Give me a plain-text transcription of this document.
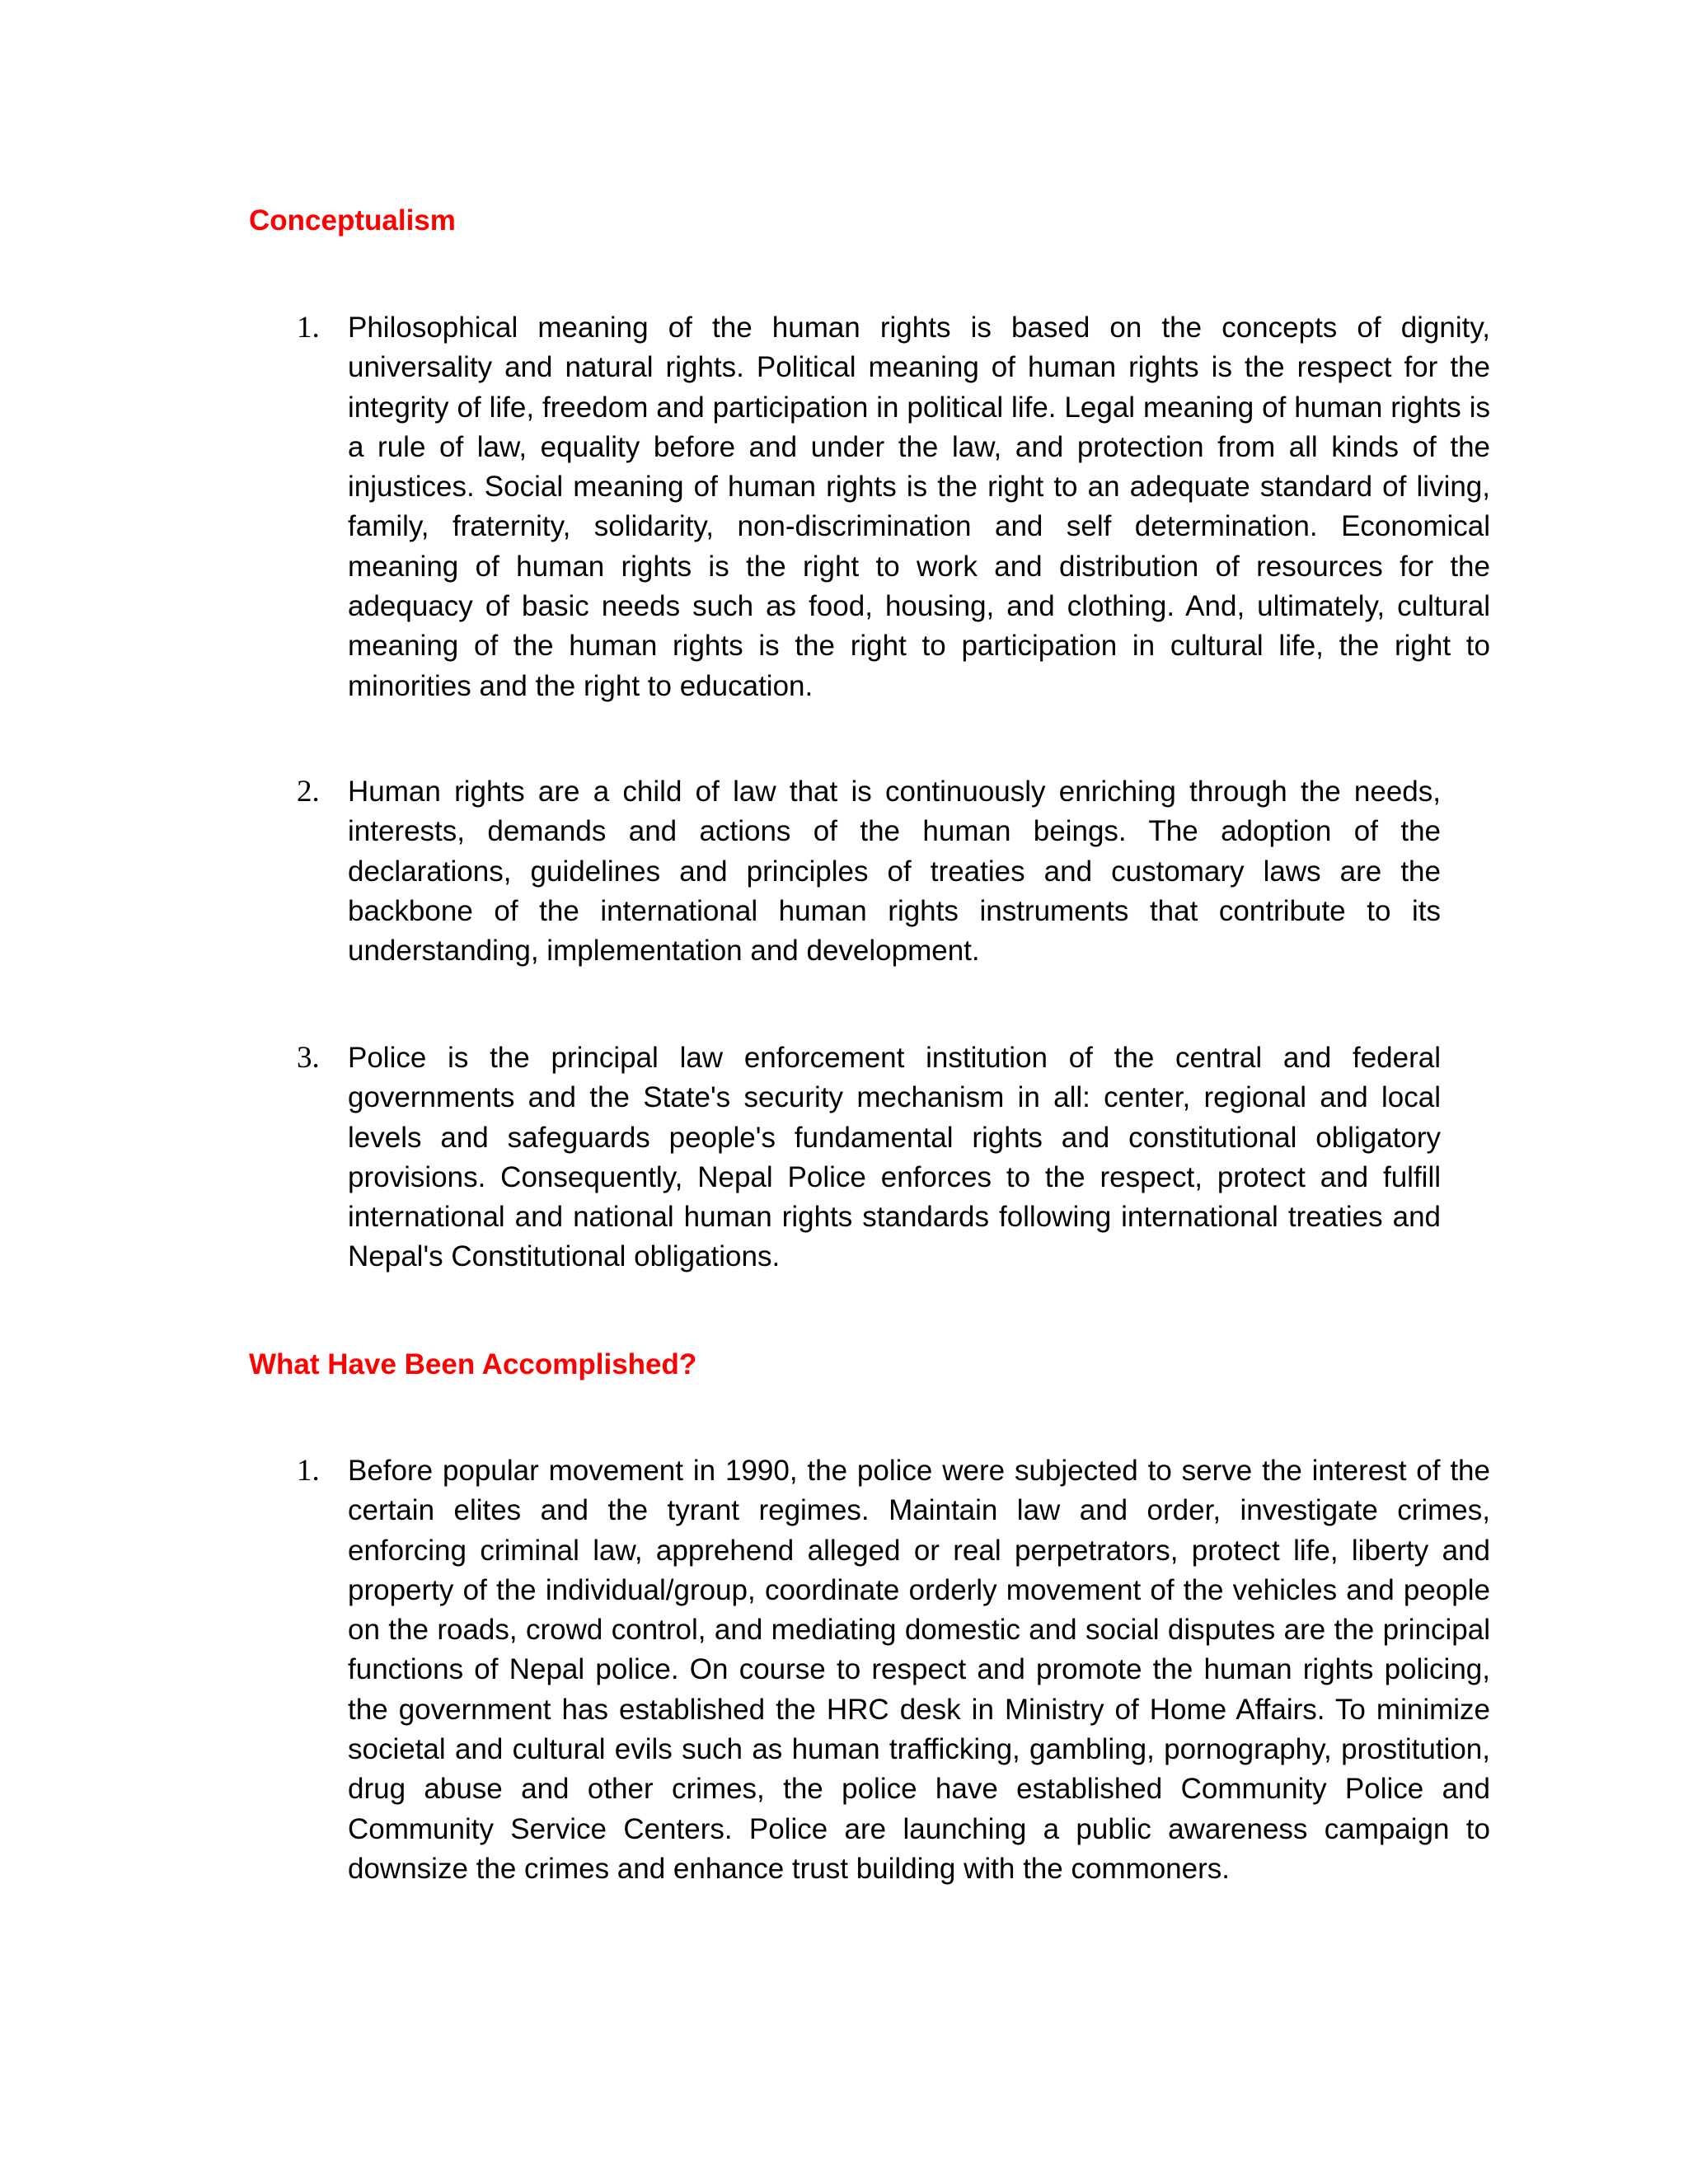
Conceptualism
1. Philosophical meaning of the human rights is based on the concepts of dignity, universality and natural rights. Political meaning of human rights is the respect for the integrity of life, freedom and participation in political life. Legal meaning of human rights is a rule of law, equality before and under the law, and protection from all kinds of the injustices. Social meaning of human rights is the right to an adequate standard of living, family, fraternity, solidarity, non-discrimination and self determination. Economical meaning of human rights is the right to work and distribution of resources for the adequacy of basic needs such as food, housing, and clothing. And, ultimately, cultural meaning of the human rights is the right to participation in cultural life, the right to minorities and the right to education.

2. Human rights are a child of law that is continuously enriching through the needs, interests, demands and actions of the human beings. The adoption of the declarations, guidelines and principles of treaties and customary laws are the backbone of the international human rights instruments that contribute to its understanding, implementation and development.

3. Police is the principal law enforcement institution of the central and federal governments and the State's security mechanism in all: center, regional and local levels and safeguards people's fundamental rights and constitutional obligatory provisions. Consequently, Nepal Police enforces to the respect, protect and fulfill international and national human rights standards following international treaties and Nepal's Constitutional obligations.

What Have Been Accomplished?
1. Before popular movement in 1990, the police were subjected to serve the interest of the certain elites and the tyrant regimes. Maintain law and order, investigate crimes, enforcing criminal law, apprehend alleged or real perpetrators, protect life, liberty and property of the individual/group, coordinate orderly movement of the vehicles and people on the roads, crowd control, and mediating domestic and social disputes are the principal functions of Nepal police. On course to respect and promote the human rights policing, the government has established the HRC desk in Ministry of Home Affairs. To minimize societal and cultural evils such as human trafficking, gambling, pornography, prostitution, drug abuse and other crimes, the police have established Community Police and Community Service Centers. Police are launching a public awareness campaign to downsize the crimes and enhance trust building with the commoners.
